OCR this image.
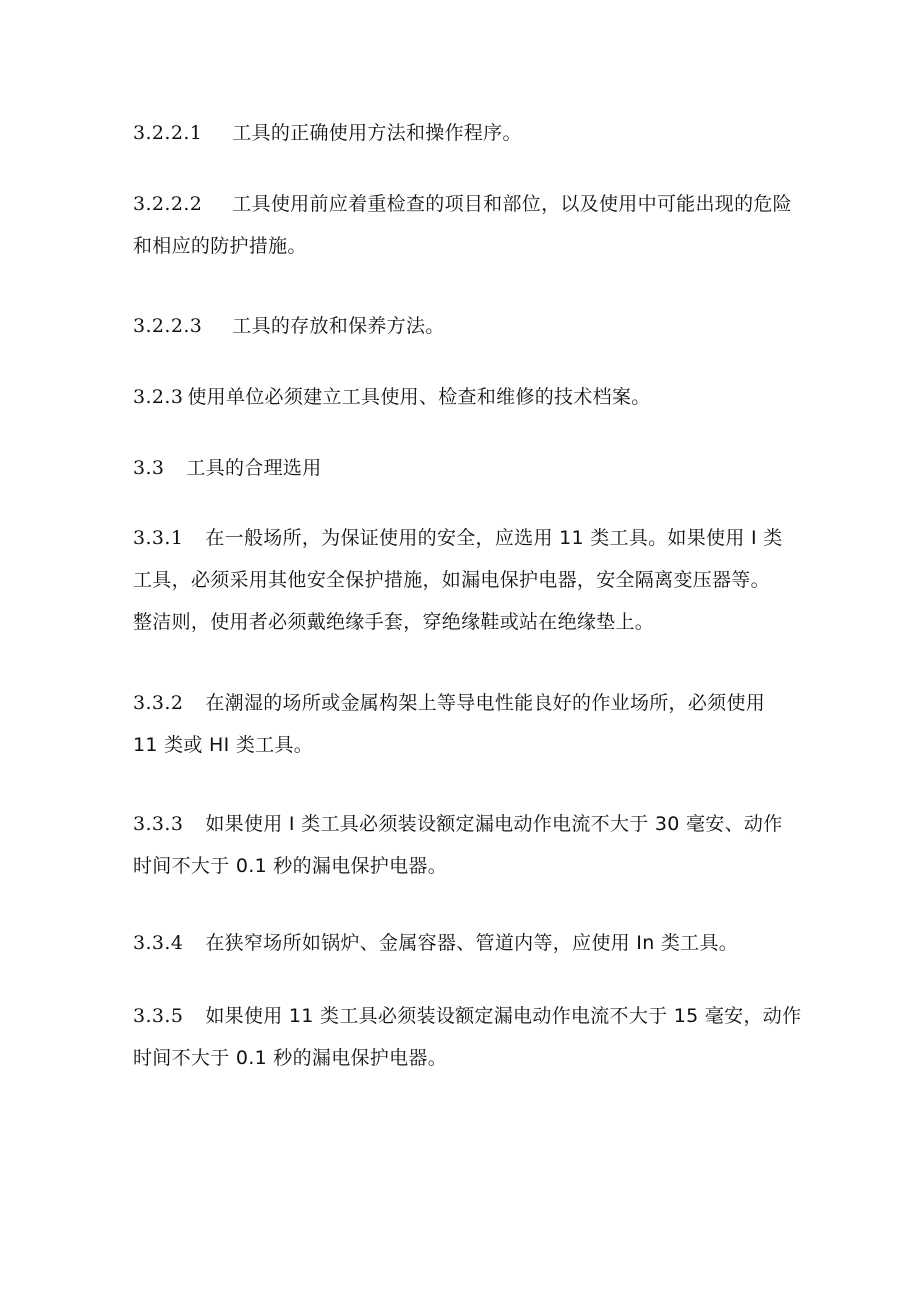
3.2.2.1 工具的正确使用方法和操作程序。
3.2.2.2 工具使用前应着重检查的项目和部位，以及使用中可能出现的危险
和相应的防护措施。
3.2.2.3 工具的存放和保养方法。
3.2.3 使用单位必须建立工具使用、检查和维修的技术档案。
3.3 工具的合理选用
3.3.1 在一般场所，为保证使用的安全，应选用 11 类工具。如果使用 I 类
工具，必须采用其他安全保护措施，如漏电保护电器，安全隔离变压器等。
整洁则，使用者必须戴绝缘手套，穿绝缘鞋或站在绝缘垫上。
3.3.2 在潮湿的场所或金属构架上等导电性能良好的作业场所，必须使用
11 类或 HI 类工具。
3.3.3 如果使用 I 类工具必须装设额定漏电动作电流不大于 30 毫安、动作
时间不大于 0.1 秒的漏电保护电器。
3.3.4 在狭窄场所如锅炉、金属容器、管道内等，应使用 In 类工具。
3.3.5 如果使用 11 类工具必须装设额定漏电动作电流不大于 15 毫安，动作
时间不大于 0.1 秒的漏电保护电器。
